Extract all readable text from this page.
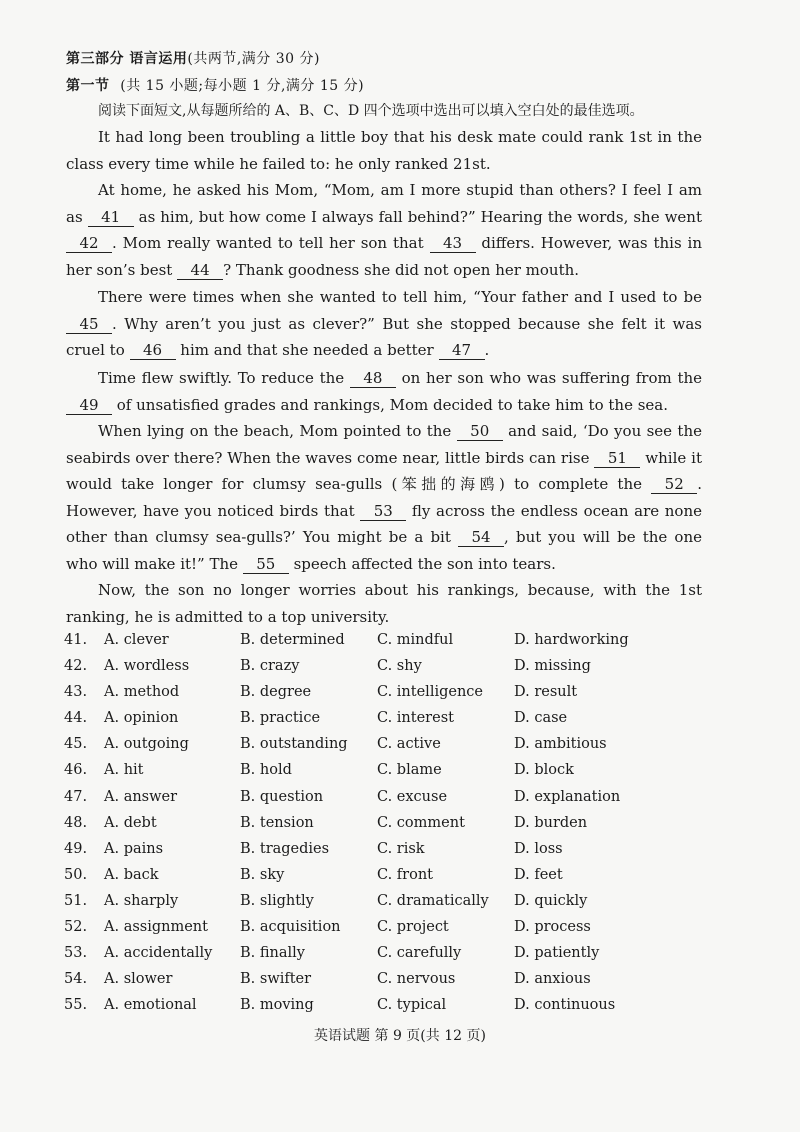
第三部分 语言运用(共两节,满分 30 分)
第一节 (共 15 小题;每小题 1 分,满分 15 分)
阅读下面短文,从每题所给的 A、B、C、D 四个选项中选出可以填入空白处的最佳选项。
It had long been troubling a little boy that his desk mate could rank 1st in the class every time while he failed to: he only ranked 21st.
At home, he asked his Mom, “Mom, am I more stupid than others? I feel I am as 41 as him, but how come I always fall behind?” Hearing the words, she went 42 . Mom really wanted to tell her son that 43 differs. However, was this in her son’s best 44 ? Thank goodness she did not open her mouth.
There were times when she wanted to tell him, “Your father and I used to be 45 . Why aren’t you just as clever?” But she stopped because she felt it was cruel to 46 him and that she needed a better 47 .
Time flew swiftly. To reduce the 48 on her son who was suffering from the 49 of unsatisfied grades and rankings, Mom decided to take him to the sea.
When lying on the beach, Mom pointed to the 50 and said, ‘Do you see the seabirds over there? When the waves come near, little birds can rise 51 while it would take longer for clumsy sea-gulls (笨拙的海鸥) to complete the 52 . However, have you noticed birds that 53 fly across the endless ocean are none other than clumsy sea-gulls?’ You might be a bit 54 , but you will be the one who will make it!” The 55 speech affected the son into tears.
Now, the son no longer worries about his rankings, because, with the 1st ranking, he is admitted to a top university.
41. A. clever	B. determined C. mindful	D. hardworking
42. A. wordless	B. crazy	C. shy	D. missing
43. A. method	B. degree	C. intelligence D. result
44. A. opinion	B. practice	C. interest	D. case
45. A. outgoing	B. outstanding C. active	D. ambitious
46. A. hit	B. hold	C. blame	D. block
47. A. answer	B. question	C. excuse	D. explanation
48. A. debt	B. tension	C. comment	D. burden
49. A. pains	B. tragedies	C. risk	D. loss
50. A. back	B. sky	C. front	D. feet
51. A. sharply	B. slightly	C. dramatically D. quickly
52. A. assignment B. acquisition	C. project	D. process
53. A. accidentally B. finally	C. carefully	D. patiently
54. A. slower	B. swifter	C. nervous	D. anxious
55. A. emotional	B. moving	C. typical	D. continuous
英语试题 第 9 页(共 12 页)
